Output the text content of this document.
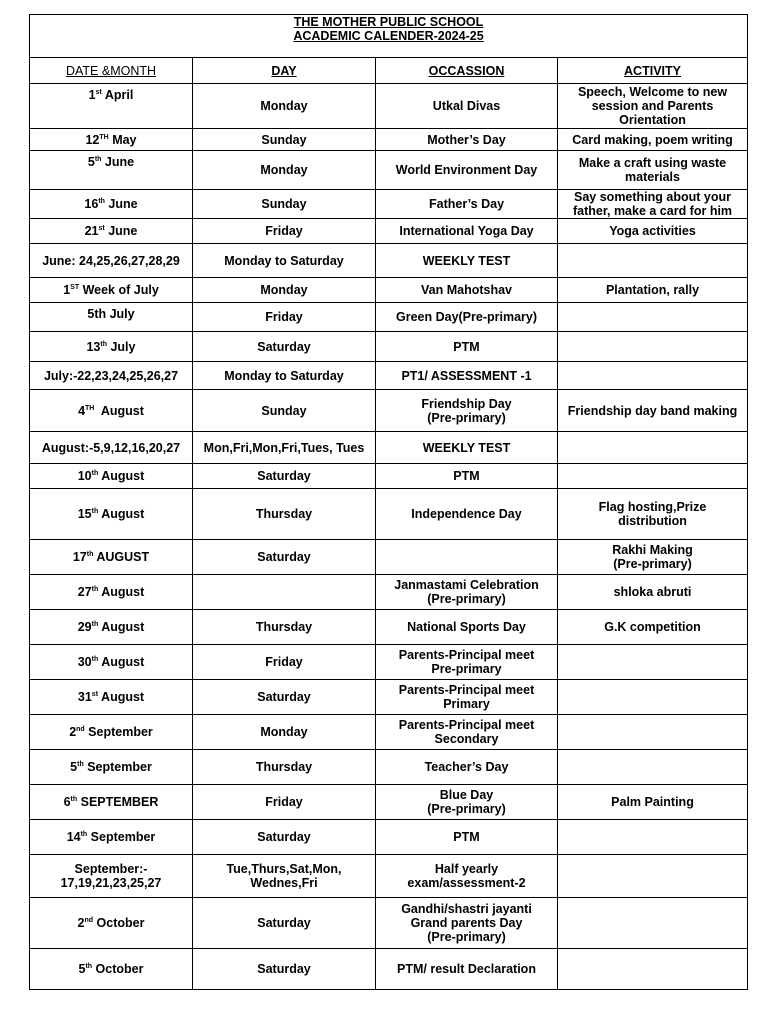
THE MOTHER PUBLIC SCHOOL
ACADEMIC CALENDER-2024-25			

DATE &MONTH	DAY	OCCASSION	ACTIVITY
1st April	Monday	Utkal Divas	Speech, Welcome to new
session and Parents
Orientation

12TH May	Sunday	Mother’s Day	Card making, poem writing

5th June	Monday	World Environment Day	Make a craft using waste
materials

16th June	Sunday	Father’s Day	Say something about your
father, make a card for him

21st June	Friday	International Yoga Day	Yoga activities

June: 24,25,26,27,28,29	Monday to Saturday	WEEKLY TEST	

1ST Week of July	Monday	Van Mahotshav	Plantation, rally

5th July	Friday	Green Day(Pre-primary)	

13th July	Saturday	PTM	

July:-22,23,24,25,26,27	Monday to Saturday	PT1/ ASSESSMENT -1	

4TH  August	Sunday	Friendship Day
(Pre-primary)	Friendship day band making

August:-5,9,12,16,20,27	Mon,Fri,Mon,Fri,Tues, Tues	WEEKLY TEST	

10th August	Saturday	PTM	

15th August	Thursday	Independence Day	Flag hosting,Prize
distribution

17th AUGUST	Saturday		Rakhi Making
(Pre-primary)

27th August		Janmastami Celebration
(Pre-primary)	shloka abruti

29th August	Thursday	National Sports Day	G.K competition

30th August	Friday	Parents-Principal meet
Pre-primary	

31st August	Saturday	Parents-Principal meet
Primary	

2nd September	Monday	Parents-Principal meet
Secondary	

5th September	Thursday	Teacher’s Day	

6th SEPTEMBER	Friday	Blue Day
(Pre-primary)	Palm Painting

14th September	Saturday	PTM	

September:-
17,19,21,23,25,27	Tue,Thurs,Sat,Mon,
Wednes,Fri	Half yearly
exam/assessment-2	

2nd October	Saturday	Gandhi/shastri jayanti
Grand parents Day
(Pre-primary)	

5th October	Saturday	PTM/ result Declaration	
